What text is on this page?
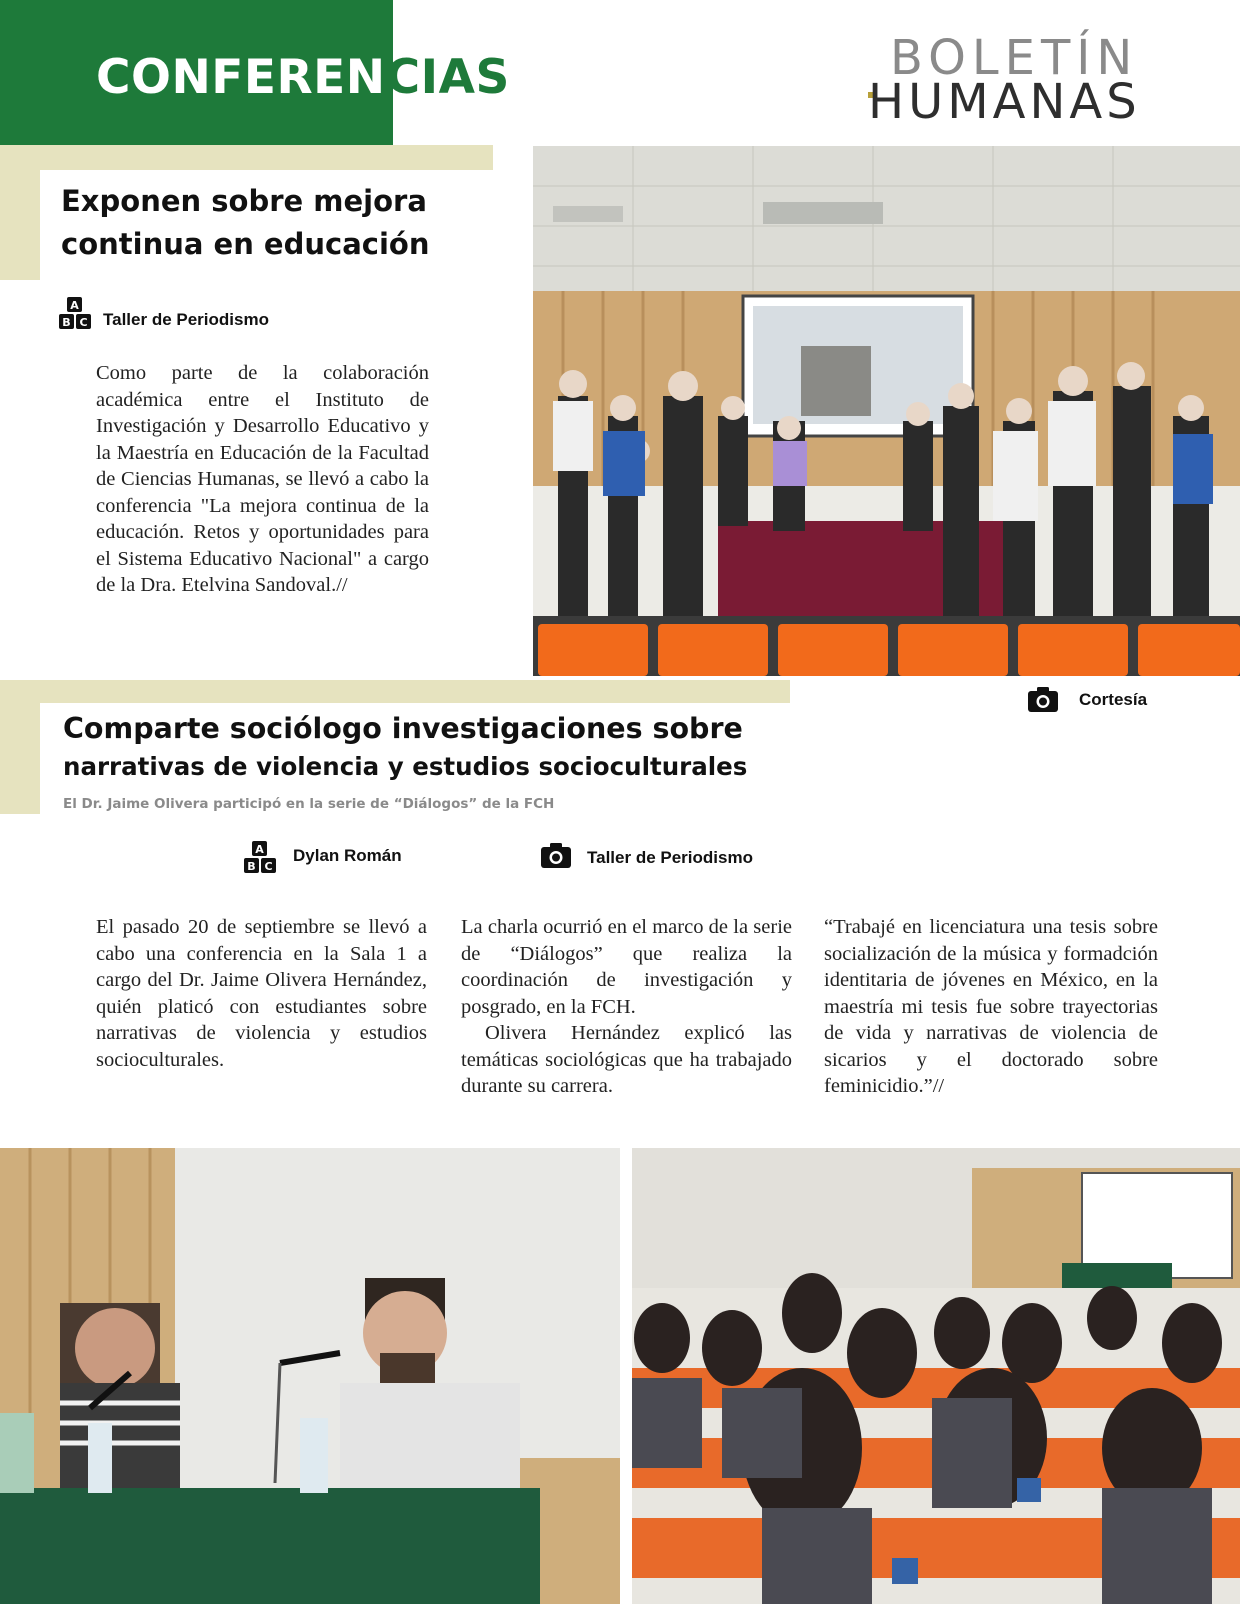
CONFERENCIAS	BOLETÍN
HUMANAS
Exponen sobre mejora
continua en educación
A
B C Taller de Periodismo
Como parte de la colaboración académica entre el Instituto de Investigación y Desarrollo Educativo y la Maestría en Educación de la Facultad de Ciencias Humanas, se llevó a cabo la conferencia "La mejora continua de la educación. Retos y oportunidades para el Sistema Educativo Nacional" a cargo de la Dra. Etelvina Sandoval.//
Cortesía
Comparte sociólogo investigaciones sobre
narrativas de violencia y estudios socioculturales
El Dr. Jaime Olivera participó en la serie de “Diálogos” de la FCH
A
B C
Dylan Román	Taller de Periodismo
El pasado 20 de septiembre se llevó a cabo una conferencia en la Sala 1 a cargo del Dr. Jaime Olivera Hernández, quién platicó con estudiantes sobre narrativas de violencia y estudios socioculturales.
La charla ocurrió en el marco de la serie de “Diálogos” que realiza la coordinación de investigación y posgrado, en la FCH.
Olivera Hernández explicó las temáticas sociológicas que ha trabajado durante su carrera.
“Trabajé en licenciatura una tesis sobre socialización de la música y formadción identitaria de jóvenes en México, en la maestría mi tesis fue sobre trayectorias de vida y narrativas de violencia de sicarios y el doctorado sobre feminicidio.”//
